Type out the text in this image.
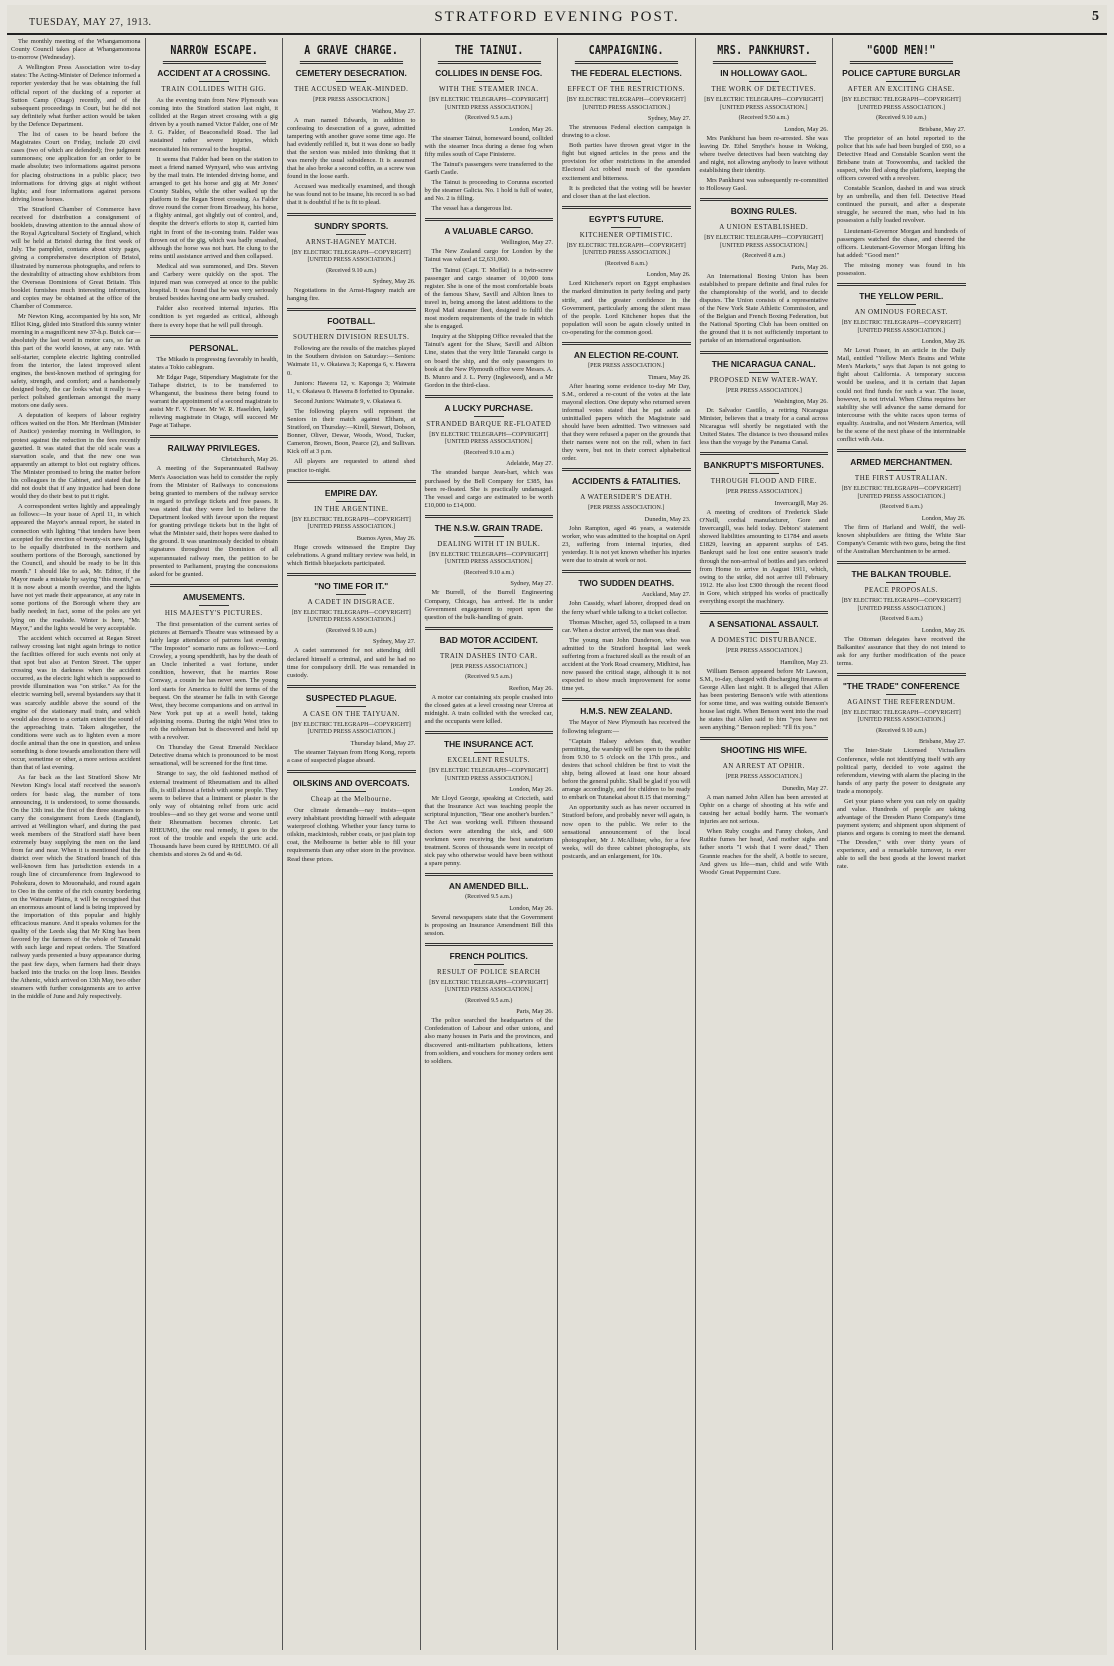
TUESDAY, MAY 27, 1913.	STRATFORD EVENING POST.	5

The monthly meeting of the Whangamomona County Council takes place at Whangamomona to-morrow (Wednesday).

A Wellington Press Association wire to-day states: The Acting-Minister of Defence informed a reporter yesterday that he was obtaining the full official report of the ducking of a reporter at Sutton Camp (Otago) recently, and of the subsequent proceedings in Court, but he did not say definitely what further action would be taken by the Defence Department.

The list of cases to be heard before the Magistrates Court on Friday, include 20 civil cases (two of which are defended); five judgment summonses; one application for an order to be made absolute; two informations against persons for placing obstructions in a public place; two informations for driving gigs at night without lights; and four informations against persons driving loose horses.

The Stratford Chamber of Commerce have received for distribution a consignment of booklets, drawing attention to the annual show of the Royal Agricultural Society of England, which will be held at Bristol during the first week of July. The pamphlet, contains about sixty pages, giving a comprehensive description of Bristol, illustrated by numerous photographs, and refers to the desirability of attracting show exhibitors from the Overseas Dominions of Great Britain. This booklet furnishes much interesting information, and copies may be obtained at the office of the Chamber of Commerce.

Mr Newton King, accompanied by his son, Mr Elliot King, glided into Stratford this sunny winter morning in a magnificent new 37-h.p. Buick car—absolutely the last word in motor cars, so far as this part of the world knows, at any rate. With self-starter, complete electric lighting controlled from the interior, the latest improved silent engines, the best-known method of springing for safety, strength, and comfort; and a handsomely designed body, the car looks what it really is—a perfect polished gentleman amongst the many motors one daily sees.

A deputation of keepers of labour registry offices waited on the Hon. Mr Herdman (Minister of Justice) yesterday morning in Wellington, to protest against the reduction in the fees recently gazetted. It was stated that the old scale was a starvation scale, and that the new one was apparently an attempt to blot out registry offices. The Minister promised to bring the matter before his colleagues in the Cabinet, and stated that he did not doubt that if any injustice had been done would they do their best to put it right.

A correspondent writes lightly and appealingly as follows:—In your issue of April 11, in which appeared the Mayor's annual report, he stated in connection with lighting "that tenders have been accepted for the erection of twenty-six new lights, to be equally distributed in the northern and southern portions of the Borough, sanctioned by the Council, and should be ready to be lit this month." I should like to ask, Mr. Editor, if the Mayor made a mistake by saying "this month," as it is now about a month overdue, and the lights have not yet made their appearance, at any rate in some portions of the Borough where they are badly needed; in fact, some of the poles are yet lying on the roadside. Winter is here, "Mr. Mayor," and the lights would be very acceptable.

The accident which occurred at Regan Street railway crossing last night again brings to notice the facilities offered for such events not only at that spot but also at Fenton Street. The upper crossing was in darkness when the accident occurred, as the electric light which is supposed to provide illumination was "on strike." As for the electric warning bell, several bystanders say that it was scarcely audible above the sound of the engine of the stationary mail train, and which would also drown to a certain extent the sound of the approaching train. Taken altogether, the conditions were such as to lighten even a more docile animal than the one in question, and unless something is done towards amelioration there will occur, sometime or other, a more serious accident than that of last evening.

As far back as the last Stratford Show Mr Newton King's local staff received the season's orders for basic slag, the number of tons announcing, it is understood, to some thousands. On the 13th inst. the first of the three steamers to carry the consignment from Leeds (England), arrived at Wellington wharf, and during the past week members of the Stratford staff have been extremely busy supplying the men on the land from far and near. When it is mentioned that the district over which the Stratford branch of this well-known firm has jurisdiction extends in a rough line of circumference from Inglewood to Pohokura, down to Mouonahaki, and round again to Oeo in the centre of the rich country bordering on the Waimate Plains, it will be recognised that an enormous amount of land is being improved by the importation of this popular and highly efficacious manure. And it speaks volumes for the quality of the Leeds slag that Mr King has been favored by the farmers of the whole of Taranaki with such large and repeat orders. The Stratford railway yards presented a busy appearance during the past few days, when farmers had their drays backed into the trucks on the loop lines. Besides the Athenic, which arrived on 13th May, two other steamers with further consignments are to arrive in the middle of June and July respectively.

NARROW ESCAPE.
ACCIDENT AT A CROSSING.
TRAIN COLLIDES WITH GIG.

As the evening train from New Plymouth was coming into the Stratford station last night, it collided at the Regan street crossing with a gig driven by a youth named Victor Falder, one of Mr J. G. Falder, of Beaconsfield Road. The lad sustained rather severe injuries, which necessitated his removal to the hospital.

It seems that Falder had been on the station to meet a friend named Wynyard, who was arriving by the mail train. He intended driving home, and arranged to get his horse and gig at Mr Jones' County Stables, while the other walked up the platform to the Regan Street crossing. As Falder drove round the corner from Broadway, his horse, a flighty animal, got slightly out of control, and, despite the driver's efforts to stop it, carried him right in front of the in-coming train. Falder was thrown out of the gig, which was badly smashed, although the horse was not hurt. He clung to the reins until assistance arrived and then collapsed.

Medical aid was summoned, and Drs. Steven and Carbery were quickly on the spot. The injured man was conveyed at once to the public hospital. It was found that he was very seriously bruised besides having one arm badly crushed.

Falder also received internal injuries. His condition is yet regarded as critical, although there is every hope that he will pull through.

PERSONAL.

The Mikado is progressing favorably in health, states a Tokio cablegram.

Mr Edgar Page, Stipendiary Magistrate for the Taihape district, is to be transferred to Whanganui, the business there being found to warrant the appointment of a second magistrate to assist Mr F. V. Fraser. Mr W. R. Haselden, lately relieving magistrate in Otago, will succeed Mr Page at Taihape.

RAILWAY PRIVILEGES.
Christchurch, May 26.

A meeting of the Superannuated Railway Men's Association was held to consider the reply from the Minister of Railways to concessions being granted to members of the railway service in regard to privilege tickets and free passes. It was stated that they were led to believe the Department looked with favour upon the request for granting privilege tickets but in the light of what the Minister said, their hopes were dashed to the ground. It was unanimously decided to obtain signatures throughout the Dominion of all superannuated railway men, the petition to be presented to Parliament, praying the concessions asked for be granted.

AMUSEMENTS.
HIS MAJESTY'S PICTURES.

The first presentation of the current series of pictures at Bernard's Theatre was witnessed by a fairly large attendance of patrons last evening. "The Impostor" scenario runs as follows:—Lord Crowley, a young spendthrift, has by the death of an Uncle inherited a vast fortune, under condition, however, that he marries Rose Conway, a cousin he has never seen. The young lord starts for America to fulfil the terms of the bequest. On the steamer he falls in with George West, they become companions and on arrival in New York put up at a swell hotel, taking adjoining rooms. During the night West tries to rob the nobleman but is discovered and held up with a revolver.

On Thursday the Great Emerald Necklace Detective drama which is pronounced to be most sensational, will be screened for the first time.

Strange to say, the old fashioned method of external treatment of Rheumatism and its allied ills, is still almost a fetish with some people. They seem to believe that a liniment or plaster is the only way of obtaining relief from uric acid troubles—and so they get worse and worse until their Rheumatism becomes chronic. Let RHEUMO, the one real remedy, it goes to the root of the trouble and expels the uric acid. Thousands have been cured by RHEUMO. Of all chemists and stores 2s 6d and 4s 6d.

A GRAVE CHARGE.
CEMETERY DESECRATION.
THE ACCUSED WEAK-MINDED.
[PER PRESS ASSOCIATION.]
Waihou, May 27.

A man named Edwards, in addition to confessing to desecration of a grave, admitted tampering with another grave some time ago. He had evidently refilled it, but it was done so badly that the sexton was misled into thinking that it was merely the usual subsidence. It is assumed that he also broke a second coffin, as a screw was found in the loose earth.

Accused was medically examined, and though he was found not to be insane, his record is so bad that it is doubtful if he is fit to plead.

SUNDRY SPORTS.
ARNST-HAGNEY MATCH.
[BY ELECTRIC TELEGRAPH—COPYRIGHT] [UNITED PRESS ASSOCIATION.]
(Received 9.10 a.m.)
Sydney, May 26.

Negotiations in the Arnst-Hagney match are hanging fire.

FOOTBALL.
SOUTHERN DIVISION RESULTS.

Following are the results of the matches played in the Southern division on Saturday:—Seniors: Waimate 11, v. Okaiawa 3; Kaponga 6, v. Hawera 0.

Juniors: Hawera 12, v. Kaponga 3; Waimate 11, v. Okaiawa 0. Hawera 8 forfeited to Opunake.

Second Juniors: Waimate 9, v. Okaiawa 6.

The following players will represent the Seniors in their match against Eltham, at Stratford, on Thursday:—Kirell, Stewart, Dobson, Bonner, Oliver, Dewar, Woods, Wood, Tucker, Cameron, Brown, Boon, Pearce (2), and Sullivan. Kick off at 3 p.m.

All players are requested to attend shed practice to-night.

EMPIRE DAY.
IN THE ARGENTINE.
[BY ELECTRIC TELEGRAPH—COPYRIGHT] [UNITED PRESS ASSOCIATION.]
Buenos Ayres, May 26.

Huge crowds witnessed the Empire Day celebrations. A grand military review was held, in which British bluejackets participated.

"NO TIME FOR IT."
A CADET IN DISGRACE.
[BY ELECTRIC TELEGRAPH—COPYRIGHT] [UNITED PRESS ASSOCIATION.]
(Received 9.10 a.m.)
Sydney, May 27.

A cadet summoned for not attending drill declared himself a criminal, and said he had no time for compulsory drill. He was remanded in custody.

SUSPECTED PLAGUE.
A CASE ON THE TAIYUAN.
[BY ELECTRIC TELEGRAPH—COPYRIGHT] [UNITED PRESS ASSOCIATION.]
Thursday Island, May 27.

The steamer Taiyuan from Hong Kong, reports a case of suspected plague aboard.

OILSKINS AND OVERCOATS.
Cheap at the Melbourne.

Our climate demands—nay insists—upon every inhabitant providing himself with adequate waterproof clothing. Whether your fancy turns to oilskin, mackintosh, rubber coats, or just plain top coat, the Melbourne is better able to fill your requirements than any other store in the province. Read these prices.

THE TAINUI.
COLLIDES IN DENSE FOG.
WITH THE STEAMER INCA.
[BY ELECTRIC TELEGRAPH—COPYRIGHT] [UNITED PRESS ASSOCIATION.]
(Received 9.5 a.m.)
London, May 26.

The steamer Tainui, homeward bound, collided with the steamer Inca during a dense fog when fifty miles south of Cape Finisterre.

The Tainui's passengers were transferred to the Garth Castle.

The Tainui is proceeding to Corunna escorted by the steamer Galicia. No. 1 hold is full of water, and No. 2 is filling.

The vessel has a dangerous list.

A VALUABLE CARGO.
Wellington, May 27.

The New Zealand cargo for London by the Tainui was valued at £2,631,000.

The Tainui (Capt. T. Moffat) is a twin-screw passenger and cargo steamer of 10,000 tons register. She is one of the most comfortable boats of the famous Shaw, Savill and Albion lines to travel in, being among the latest additions to the Royal Mail steamer fleet, designed to fulfil the most modern requirements of the trade in which she is engaged.

Inquiry at the Shipping Office revealed that the Tainui's agent for the Shaw, Savill and Albion Line, states that the very little Taranaki cargo is on board the ship, and the only passengers to book at the New Plymouth office were Messrs. A. B. Munro and J. L. Perry (Inglewood), and a Mr Gordon in the third-class.

A LUCKY PURCHASE.
STRANDED BARQUE RE-FLOATED
[BY ELECTRIC TELEGRAPH—COPYRIGHT] [UNITED PRESS ASSOCIATION.]
(Received 9.10 a.m.)
Adelaide, May 27.

The stranded barque Jean-bart, which was purchased by the Bell Company for £385, has been re-floated. She is practically undamaged. The vessel and cargo are estimated to be worth £10,000 to £14,000.

THE N.S.W. GRAIN TRADE.
DEALING WITH IT IN BULK.
[BY ELECTRIC TELEGRAPH—COPYRIGHT] [UNITED PRESS ASSOCIATION.]
(Received 9.10 a.m.)
Sydney, May 27.

Mr Burrell, of the Burrell Engineering Company, Chicago, has arrived. He is under Government engagement to report upon the question of the bulk-handling of grain.

BAD MOTOR ACCIDENT.
TRAIN DASHES INTO CAR.
[PER PRESS ASSOCIATION.]
(Received 9.5 a.m.)
Reefton, May 26.

A motor car containing six people crashed into the closed gates at a level crossing near Ureroa at midnight. A train collided with the wrecked car, and the occupants were killed.

THE INSURANCE ACT.
EXCELLENT RESULTS.
[BY ELECTRIC TELEGRAPH—COPYRIGHT] [UNITED PRESS ASSOCIATION.]
London, May 26.

Mr Lloyd George, speaking at Criccieth, said that the Insurance Act was teaching people the scriptural injunction, "Bear one another's burden." The Act was working well. Fifteen thousand doctors were attending the sick, and 600 workmen were receiving the best sanatorium treatment. Scores of thousands were in receipt of sick pay who otherwise would have been without a spare penny.

AN AMENDED BILL.
(Received 9.5 a.m.)
London, May 26.

Several newspapers state that the Government is proposing an Insurance Amendment Bill this session.

FRENCH POLITICS.
RESULT OF POLICE SEARCH
[BY ELECTRIC TELEGRAPH—COPYRIGHT] [UNITED PRESS ASSOCIATION.]
(Received 9.5 a.m.)
Paris, May 26.

The police searched the headquarters of the Confederation of Labour and other unions, and also many houses in Paris and the provinces, and discovered anti-militarism publications, letters from soldiers, and vouchers for money orders sent to soldiers.

CAMPAIGNING.
THE FEDERAL ELECTIONS.
EFFECT OF THE RESTRICTIONS.
[BY ELECTRIC TELEGRAPH—COPYRIGHT] [UNITED PRESS ASSOCIATION.]
Sydney, May 27.

The strenuous Federal election campaign is drawing to a close.

Both parties have thrown great vigor in the fight but signed articles in the press and the provision for other restrictions in the amended Electoral Act robbed much of the quondam excitement and bitterness.

It is predicted that the voting will be heavier and closer than at the last election.

EGYPT'S FUTURE.
KITCHENER OPTIMISTIC.
[BY ELECTRIC TELEGRAPH—COPYRIGHT] [UNITED PRESS ASSOCIATION.]
(Received 8 a.m.)
London, May 26.

Lord Kitchener's report on Egypt emphasises the marked diminution in party feeling and party strife, and the greater confidence in the Government, particularly among the silent mass of the people. Lord Kitchener hopes that the population will soon be again closely united in co-operating for the common good.

AN ELECTION RE-COUNT.
[PER PRESS ASSOCIATION.]
Timaru, May 26.

After hearing some evidence to-day Mr Day, S.M., ordered a re-count of the votes at the late mayoral election. One deputy who returned seven informal votes stated that he put aside as uninitialled papers which the Magistrate said should have been admitted. Two witnesses said that they were refused a paper on the grounds that their names were not on the roll, when in fact they were, but not in their correct alphabetical order.

ACCIDENTS & FATALITIES.
A WATERSIDER'S DEATH.
[PER PRESS ASSOCIATION.]
Dunedin, May 23.

John Rampton, aged 46 years, a waterside worker, who was admitted to the hospital on April 23, suffering from internal injuries, died yesterday. It is not yet known whether his injuries were due to strain at work or not.

TWO SUDDEN DEATHS.
Auckland, May 27.

John Cassidy, wharf laborer, dropped dead on the ferry wharf while talking to a ticket collector.

Thomas Mischer, aged 53, collapsed in a tram car. When a doctor arrived, the man was dead.

The young man John Dunderson, who was admitted to the Stratford hospital last week suffering from a fractured skull as the result of an accident at the York Road creamery, Midhirst, has now passed the critical stage, although it is not expected to show much improvement for some time yet.

H.M.S. NEW ZEALAND.

The Mayor of New Plymouth has received the following telegram:—

"Captain Halsey advises that, weather permitting, the warship will be open to the public from 9.30 to 5 o'clock on the 17th prox., and desires that school children be first to visit the ship, being allowed at least one hour aboard before the general public. Shall be glad if you will arrange accordingly, and for children to be ready to embark on Tutanekai about 8.15 that morning."

An opportunity such as has never occurred in Stratford before, and probably never will again, is now open to the public. We refer to the sensational announcement of the local photographer, Mr J. McAllister, who, for a few weeks, will do three cabinet photographs, six postcards, and an enlargement, for 10s.

MRS. PANKHURST.
IN HOLLOWAY GAOL.
THE WORK OF DETECTIVES.
[BY ELECTRIC TELEGRAPH—COPYRIGHT] [UNITED PRESS ASSOCIATION.]
(Received 9.50 a.m.)
London, May 26.

Mrs Pankhurst has been re-arrested. She was leaving Dr. Ethel Smythe's house in Woking, where twelve detectives had been watching day and night, not allowing anybody to leave without establishing their identity.

Mrs Pankhurst was subsequently re-committed to Holloway Gaol.

BOXING RULES.
A UNION ESTABLISHED.
[BY ELECTRIC TELEGRAPH—COPYRIGHT] [UNITED PRESS ASSOCIATION.]
(Received 8 a.m.)
Paris, May 26.

An International Boxing Union has been established to prepare definite and final rules for the championship of the world, and to decide disputes. The Union consists of a representative of the New York State Athletic Commission, and of the Belgian and French Boxing Federation, but the National Sporting Club has been omitted on the ground that it is not sufficiently important to partake of an international organisation.

THE NICARAGUA CANAL.
PROPOSED NEW WATER-WAY.
[PER PRESS ASSOCIATION.]
Washington, May 26.

Dr. Salvador Castillo, a retiring Nicaragua Minister, believes that a treaty for a canal across Nicaragua will shortly be negotiated with the United States. The distance is two thousand miles less than the voyage by the Panama Canal.

BANKRUPT'S MISFORTUNES.
THROUGH FLOOD AND FIRE.
[PER PRESS ASSOCIATION.]
Invercargill, May 26.

A meeting of creditors of Frederick Slade O'Neill, cordial manufacturer, Gore and Invercargill, was held today. Debtors' statement showed liabilities amounting to £1784 and assets £1829, leaving an apparent surplus of £45. Bankrupt said he lost one entire season's trade through the non-arrival of bottles and jars ordered from Home to arrive in August 1911, which, owing to the strike, did not arrive till February 1912. He also lost £300 through the recent flood in Gore, which stripped his works of practically everything except the machinery.

A SENSATIONAL ASSAULT.
A DOMESTIC DISTURBANCE.
[PER PRESS ASSOCIATION.]
Hamilton, May 23.

William Benson appeared before Mr Lawson, S.M., to-day, charged with discharging firearms at George Allen last night. It is alleged that Allen has been pestering Benson's wife with attentions for some time, and was waiting outside Benson's house last night. When Benson went into the road he states that Allen said to him "you have not seen anything." Benson replied: "I'll fix you."

SHOOTING HIS WIFE.
AN ARREST AT OPHIR.
[PER PRESS ASSOCIATION.]
Dunedin, May 27.

A man named John Allen has been arrested at Ophir on a charge of shooting at his wife and causing her actual bodily harm. The woman's injuries are not serious.

When Ruby coughs and Fanny chokes, And Ruthie fumes her head, And mother sighs and father snorts "I wish that I were dead," Then Grannie reaches for the shelf, A bottle to secure, And gives us life—man, child and wife With Woods' Great Peppermint Cure.

"GOOD MEN!"
POLICE CAPTURE BURGLAR
AFTER AN EXCITING CHASE.
[BY ELECTRIC TELEGRAPH—COPYRIGHT] [UNITED PRESS ASSOCIATION.]
(Received 9.10 a.m.)
Brisbane, May 27.

The proprietor of an hotel reported to the police that his safe had been burgled of £60, so a Detective Head and Constable Scanlon went the Brisbane train at Toowoomba, and tackled the suspect, who fled along the platform, keeping the officers covered with a revolver.

Constable Scanlon, dashed in and was struck by an umbrella, and then fell. Detective Head continued the pursuit, and after a desperate struggle, he secured the man, who had in his possession a fully loaded revolver.

Lieutenant-Governor Morgan and hundreds of passengers watched the chase, and cheered the officers. Lieutenant-Governor Morgan lifting his hat added: "Good men!"

The missing money was found in his possession.

THE YELLOW PERIL.
AN OMINOUS FORECAST.
[BY ELECTRIC TELEGRAPH—COPYRIGHT] [UNITED PRESS ASSOCIATION.]
London, May 26.

Mr Lovat Fraser, in an article in the Daily Mail, entitled "Yellow Men's Brains and White Men's Markets," says that Japan is not going to fight about California. A temporary success would be useless, and it is certain that Japan could not find funds for such a war. The issue, however, is not trivial. When China requires her stability she will advance the same demand for intercourse with the white races upon terms of equality. Australia, and not Western America, will be the scene of the next phase of the interminable conflict with Asia.

ARMED MERCHANTMEN.
THE FIRST AUSTRALIAN.
[BY ELECTRIC TELEGRAPH—COPYRIGHT] [UNITED PRESS ASSOCIATION.]
(Received 8 a.m.)
London, May 26.

The firm of Harland and Wolff, the well-known shipbuilders are fitting the White Star Company's Ceramic with two guns, being the first of the Australian Merchantmen to be armed.

THE BALKAN TROUBLE.
PEACE PROPOSALS.
[BY ELECTRIC TELEGRAPH—COPYRIGHT] [UNITED PRESS ASSOCIATION.]
(Received 8 a.m.)
London, May 26.

The Ottoman delegates have received the Balkanites' assurance that they do not intend to ask for any further modification of the peace terms.

"THE TRADE" CONFERENCE
AGAINST THE REFERENDUM.
[BY ELECTRIC TELEGRAPH—COPYRIGHT] [UNITED PRESS ASSOCIATION.]
(Received 9.10 a.m.)
Brisbane, May 27.

The Inter-State Licensed Victuallers Conference, while not identifying itself with any political party, decided to vote against the referendum, viewing with alarm the placing in the hands of any party the power to designate any trade a monopoly.

Get your piano where you can rely on quality and value. Hundreds of people are taking advantage of the Dresden Piano Company's time payment system; and shipment upon shipment of pianos and organs is coming to meet the demand. "The Dresden," with over thirty years of experience, and a remarkable turnover, is ever able to sell the best goods at the lowest market rate.
